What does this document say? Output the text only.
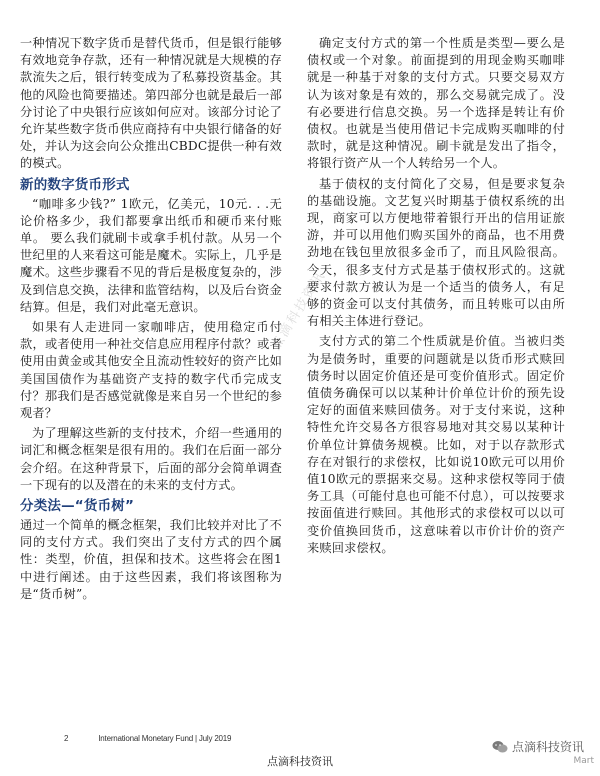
点滴科技资讯

一种情况下数字货币是替代货币，但是银行能够有效地竞争存款，还有一种情况就是大规模的存款流失之后，银行转变成为了私募投资基金。其他的风险也简要描述。第四部分也就是最后一部分讨论了中央银行应该如何应对。该部分讨论了允许某些数字货币供应商持有中央银行储备的好处，并认为这会向公众推出CBDC提供一种有效的模式。

新的数字货币形式

“咖啡多少钱?” 1欧元，亿美元，10元. . .无论价格多少，我们都要拿出纸币和硬币来付账单。 要么我们就刷卡或拿手机付款。从另一个世纪里的人来看这可能是魔术。实际上，几乎是魔术。这些步骤看不见的背后是极度复杂的，涉及到信息交换，法律和监管结构，以及后台资金结算。但是，我们对此毫无意识。

如果有人走进同一家咖啡店，使用稳定币付款，或者使用一种社交信息应用程序付款？或者使用由黄金或其他安全且流动性较好的资产比如美国国债作为基础资产支持的数字代币完成支付？那我们是否感觉就像是来自另一个世纪的参观者？

为了理解这些新的支付技术，介绍一些通用的词汇和概念框架是很有用的。我们在后面一部分会介绍。在这种背景下，后面的部分会简单调查一下现有的以及潜在的未来的支付方式。

分类法—“货币树”

通过一个简单的概念框架，我们比较并对比了不同的支付方式。我们突出了支付方式的四个属性：类型，价值，担保和技术。这些将会在图1中进行阐述。由于这些因素，我们将该图称为是“货币树”。

确定支付方式的第一个性质是类型—要么是债权或一个对象。前面提到的用现金购买咖啡就是一种基于对象的支付方式。只要交易双方认为该对象是有效的，那么交易就完成了。没有必要进行信息交换。另一个选择是转让有价债权。也就是当使用借记卡完成购买咖啡的付款时，就是这种情况。刷卡就是发出了指令，将银行资产从一个人转给另一个人。

基于债权的支付简化了交易，但是要求复杂的基础设施。文艺复兴时期基于债权系统的出现，商家可以方便地带着银行开出的信用证旅游，并可以用他们购买国外的商品，也不用费劲地在钱包里放很多金币了，而且风险很高。今天，很多支付方式是基于债权形式的。这就要求付款方被认为是一个适当的债务人，有足够的资金可以支付其债务，而且转账可以由所有相关主体进行登记。

支付方式的第二个性质就是价值。当被归类为是债务时，重要的问题就是以货币形式赎回债务时以固定价值还是可变价值形式。固定价值债务确保可以以某种计价单位计价的预先设定好的面值来赎回债务。对于支付来说，这种特性允许交易各方很容易地对其交易以某种计价单位计算债务规模。比如，对于以存款形式存在对银行的求偿权，比如说10欧元可以用价值10欧元的票据来交易。这种求偿权等同于债务工具（可能付息也可能不付息），可以按要求按面值进行赎回。其他形式的求偿权可以以可变价值换回货币，这意味着以市价计价的资产来赎回求偿权。

2	International Monetary Fund | July 2019
点滴科技资讯
点滴科技资讯
Mart
